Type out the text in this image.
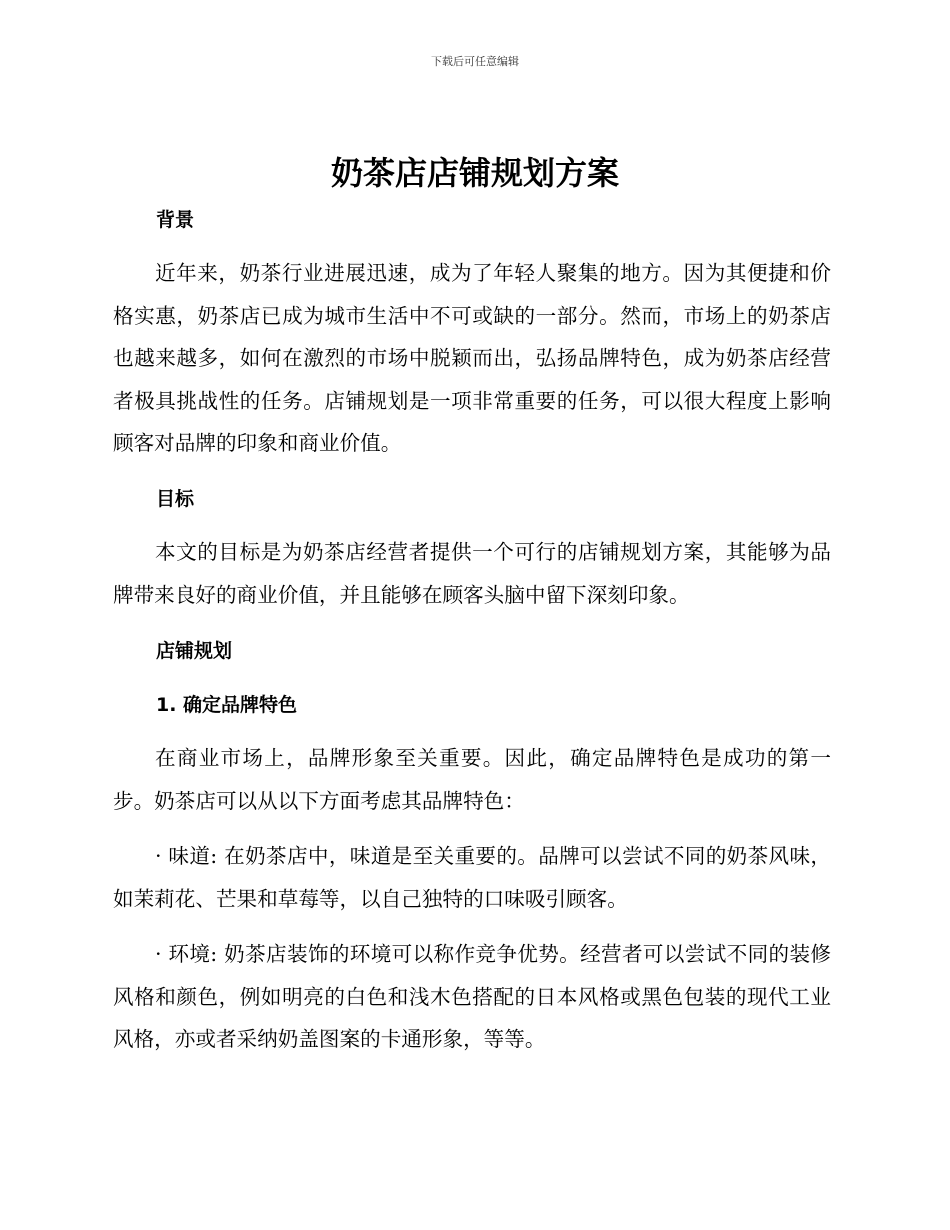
下载后可任意编辑
奶茶店店铺规划方案
背景

近年来，奶茶行业进展迅速，成为了年轻人聚集的地方。因为其便捷和价格实惠，奶茶店已成为城市生活中不可或缺的一部分。然而，市场上的奶茶店也越来越多，如何在激烈的市场中脱颖而出，弘扬品牌特色，成为奶茶店经营者极具挑战性的任务。店铺规划是一项非常重要的任务，可以很大程度上影响顾客对品牌的印象和商业价值。

目标

本文的目标是为奶茶店经营者提供一个可行的店铺规划方案，其能够为品牌带来良好的商业价值，并且能够在顾客头脑中留下深刻印象。

店铺规划
1. 确定品牌特色

在商业市场上，品牌形象至关重要。因此，确定品牌特色是成功的第一步。奶茶店可以从以下方面考虑其品牌特色：

· 味道: 在奶茶店中，味道是至关重要的。品牌可以尝试不同的奶茶风味，如茉莉花、芒果和草莓等，以自己独特的口味吸引顾客。

· 环境: 奶茶店装饰的环境可以称作竞争优势。经营者可以尝试不同的装修风格和颜色，例如明亮的白色和浅木色搭配的日本风格或黑色包装的现代工业风格，亦或者采纳奶盖图案的卡通形象，等等。
